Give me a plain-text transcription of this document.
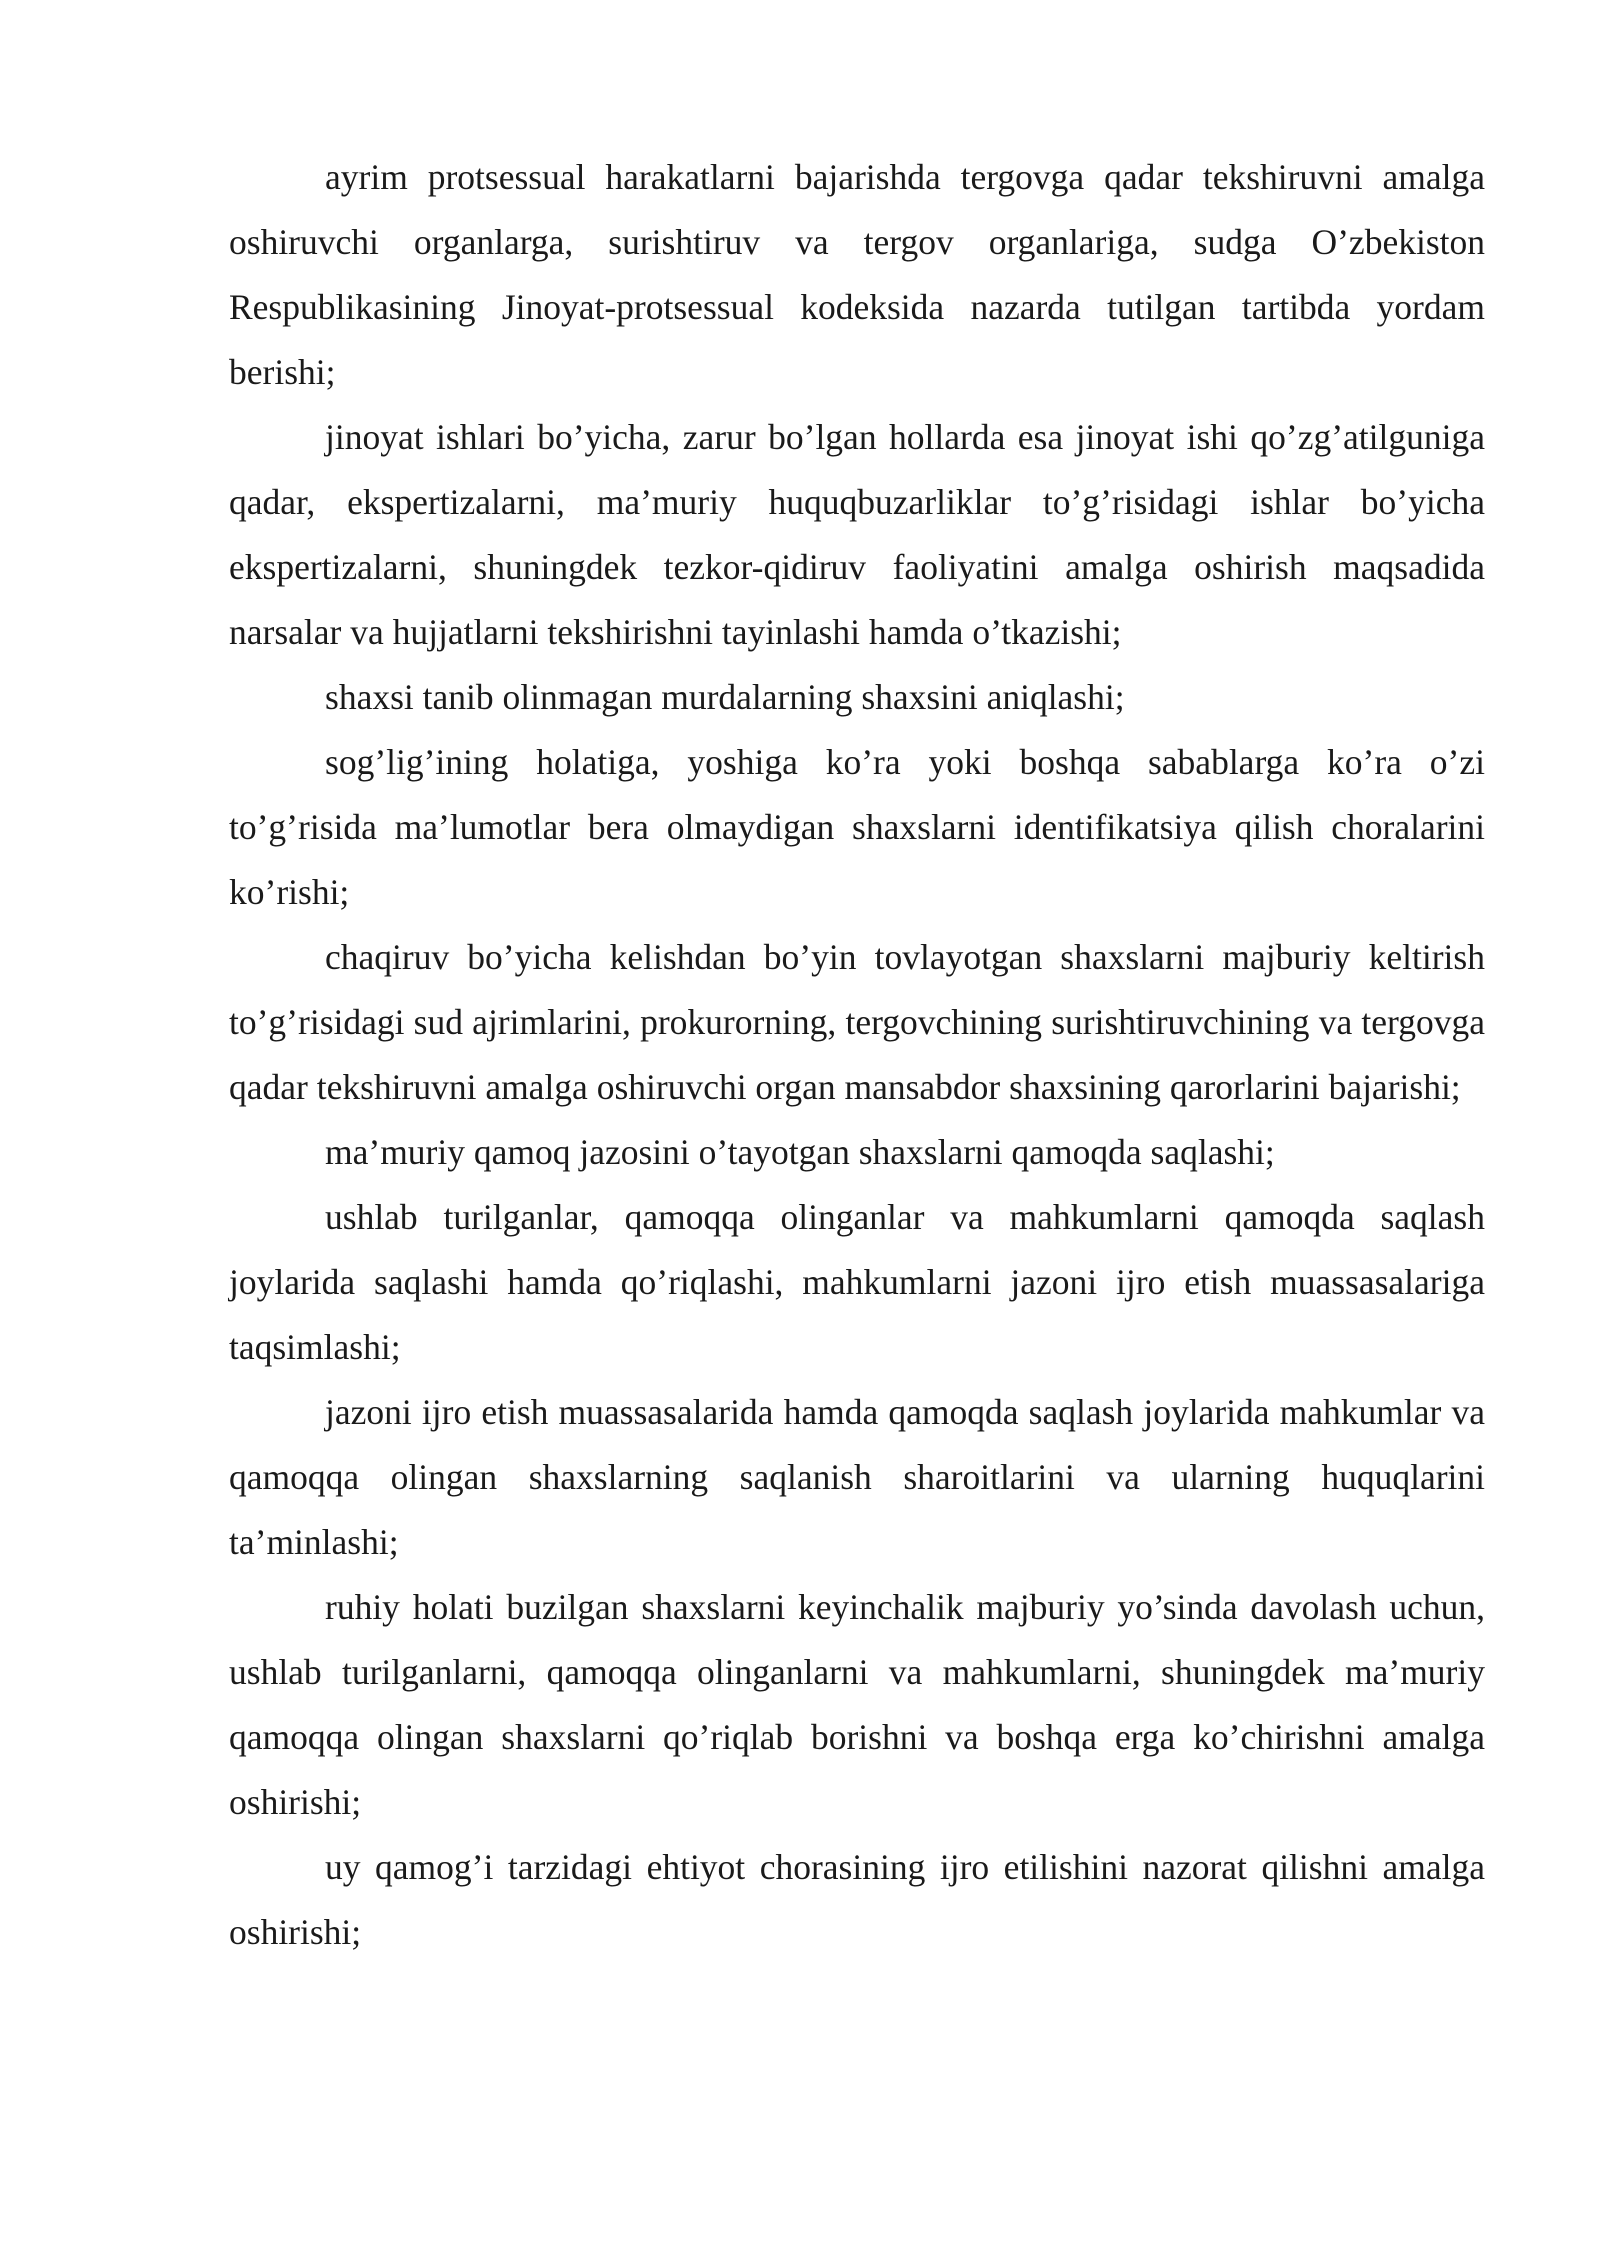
ayrim protsessual harakatlarni bajarishda tergovga qadar tekshiruvni amalga oshiruvchi organlarga, surishtiruv va tergov organlariga, sudga O’zbekiston Respublikasining Jinoyat-protsessual kodeksida nazarda tutilgan tartibda yordam berishi;

jinoyat ishlari bo’yicha, zarur bo’lgan hollarda esa jinoyat ishi qo’zg’atilguniga qadar, ekspertizalarni, ma’muriy huquqbuzarliklar to’g’risidagi ishlar bo’yicha ekspertizalarni, shuningdek tezkor-qidiruv faoliyatini amalga oshirish maqsadida narsalar va hujjatlarni tekshirishni tayinlashi hamda o’tkazishi;

shaxsi tanib olinmagan murdalarning shaxsini aniqlashi;

sog’lig’ining holatiga, yoshiga ko’ra yoki boshqa sabablarga ko’ra o’zi to’g’risida ma’lumotlar bera olmaydigan shaxslarni identifikatsiya qilish choralarini ko’rishi;

chaqiruv bo’yicha kelishdan bo’yin tovlayotgan shaxslarni majburiy keltirish to’g’risidagi sud ajrimlarini, prokurorning, tergovchining surishtiruvchining va tergovga qadar tekshiruvni amalga oshiruvchi organ mansabdor shaxsining qarorlarini bajarishi;

ma’muriy qamoq jazosini o’tayotgan shaxslarni qamoqda saqlashi;

ushlab turilganlar, qamoqqa olinganlar va mahkumlarni qamoqda saqlash joylarida saqlashi hamda qo’riqlashi, mahkumlarni jazoni ijro etish muassasalariga taqsimlashi;

jazoni ijro etish muassasalarida hamda qamoqda saqlash joylarida mahkumlar va qamoqqa olingan shaxslarning saqlanish sharoitlarini va ularning huquqlarini ta’minlashi;

ruhiy holati buzilgan shaxslarni keyinchalik majburiy yo’sinda davolash uchun, ushlab turilganlarni, qamoqqa olinganlarni va mahkumlarni, shuningdek ma’muriy qamoqqa olingan shaxslarni qo’riqlab borishni va boshqa erga ko’chirishni amalga oshirishi;

uy qamog’i tarzidagi ehtiyot chorasining ijro etilishini nazorat qilishni amalga oshirishi;
